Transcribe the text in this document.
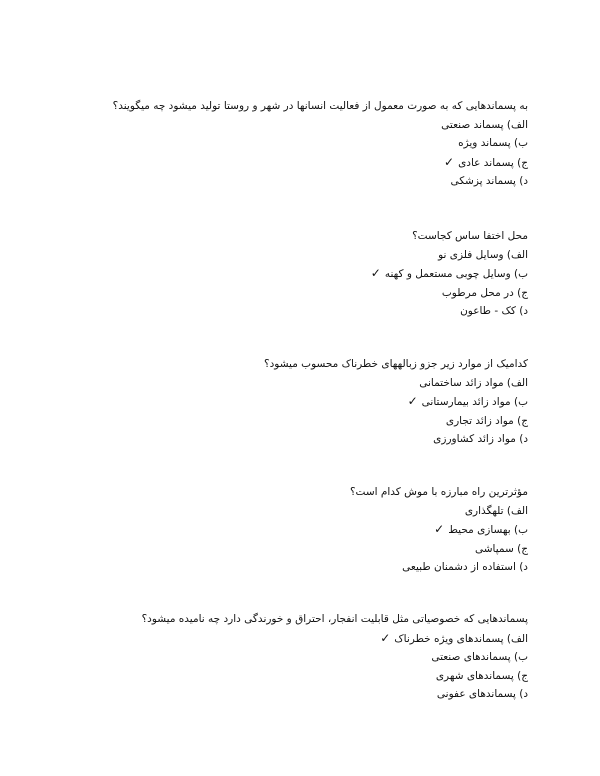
به پسماندهایی که به صورت معمول از فعالیت انسانها در شهر و روستا تولید میشود چه میگویند؟
الف) پسماند صنعتی
ب) پسماند ویژه
ج) پسماند عادی✓
د) پسماند پزشکی
محل اختفا ساس کجاست؟
الف) وسایل فلزی نو
ب) وسایل چوبی مستعمل و کهنه✓
ج) در محل مرطوب
د) کک - طاعون
کدامیک از موارد زیر جزو زبالههای خطرناک محسوب میشود؟
الف) مواد زائد ساختمانی
ب) مواد زائد بیمارستانی✓
ج) مواد زائد تجاری
د) مواد زائد کشاورزی
مؤثرترین راه مبارزه با موش کدام است؟
الف) تلهگذاری
ب) بهسازی محیط✓
ج) سمپاشی
د) استفاده از دشمنان طبیعی
پسماندهایی که خصوصیاتی مثل قابلیت انفجار، احتراق و خورندگی دارد چه نامیده میشود؟
الف) پسماندهای ویژه خطرناک✓
ب) پسماندهای صنعتی
ج) پسماندهای شهری
د) پسماندهای عفونی
